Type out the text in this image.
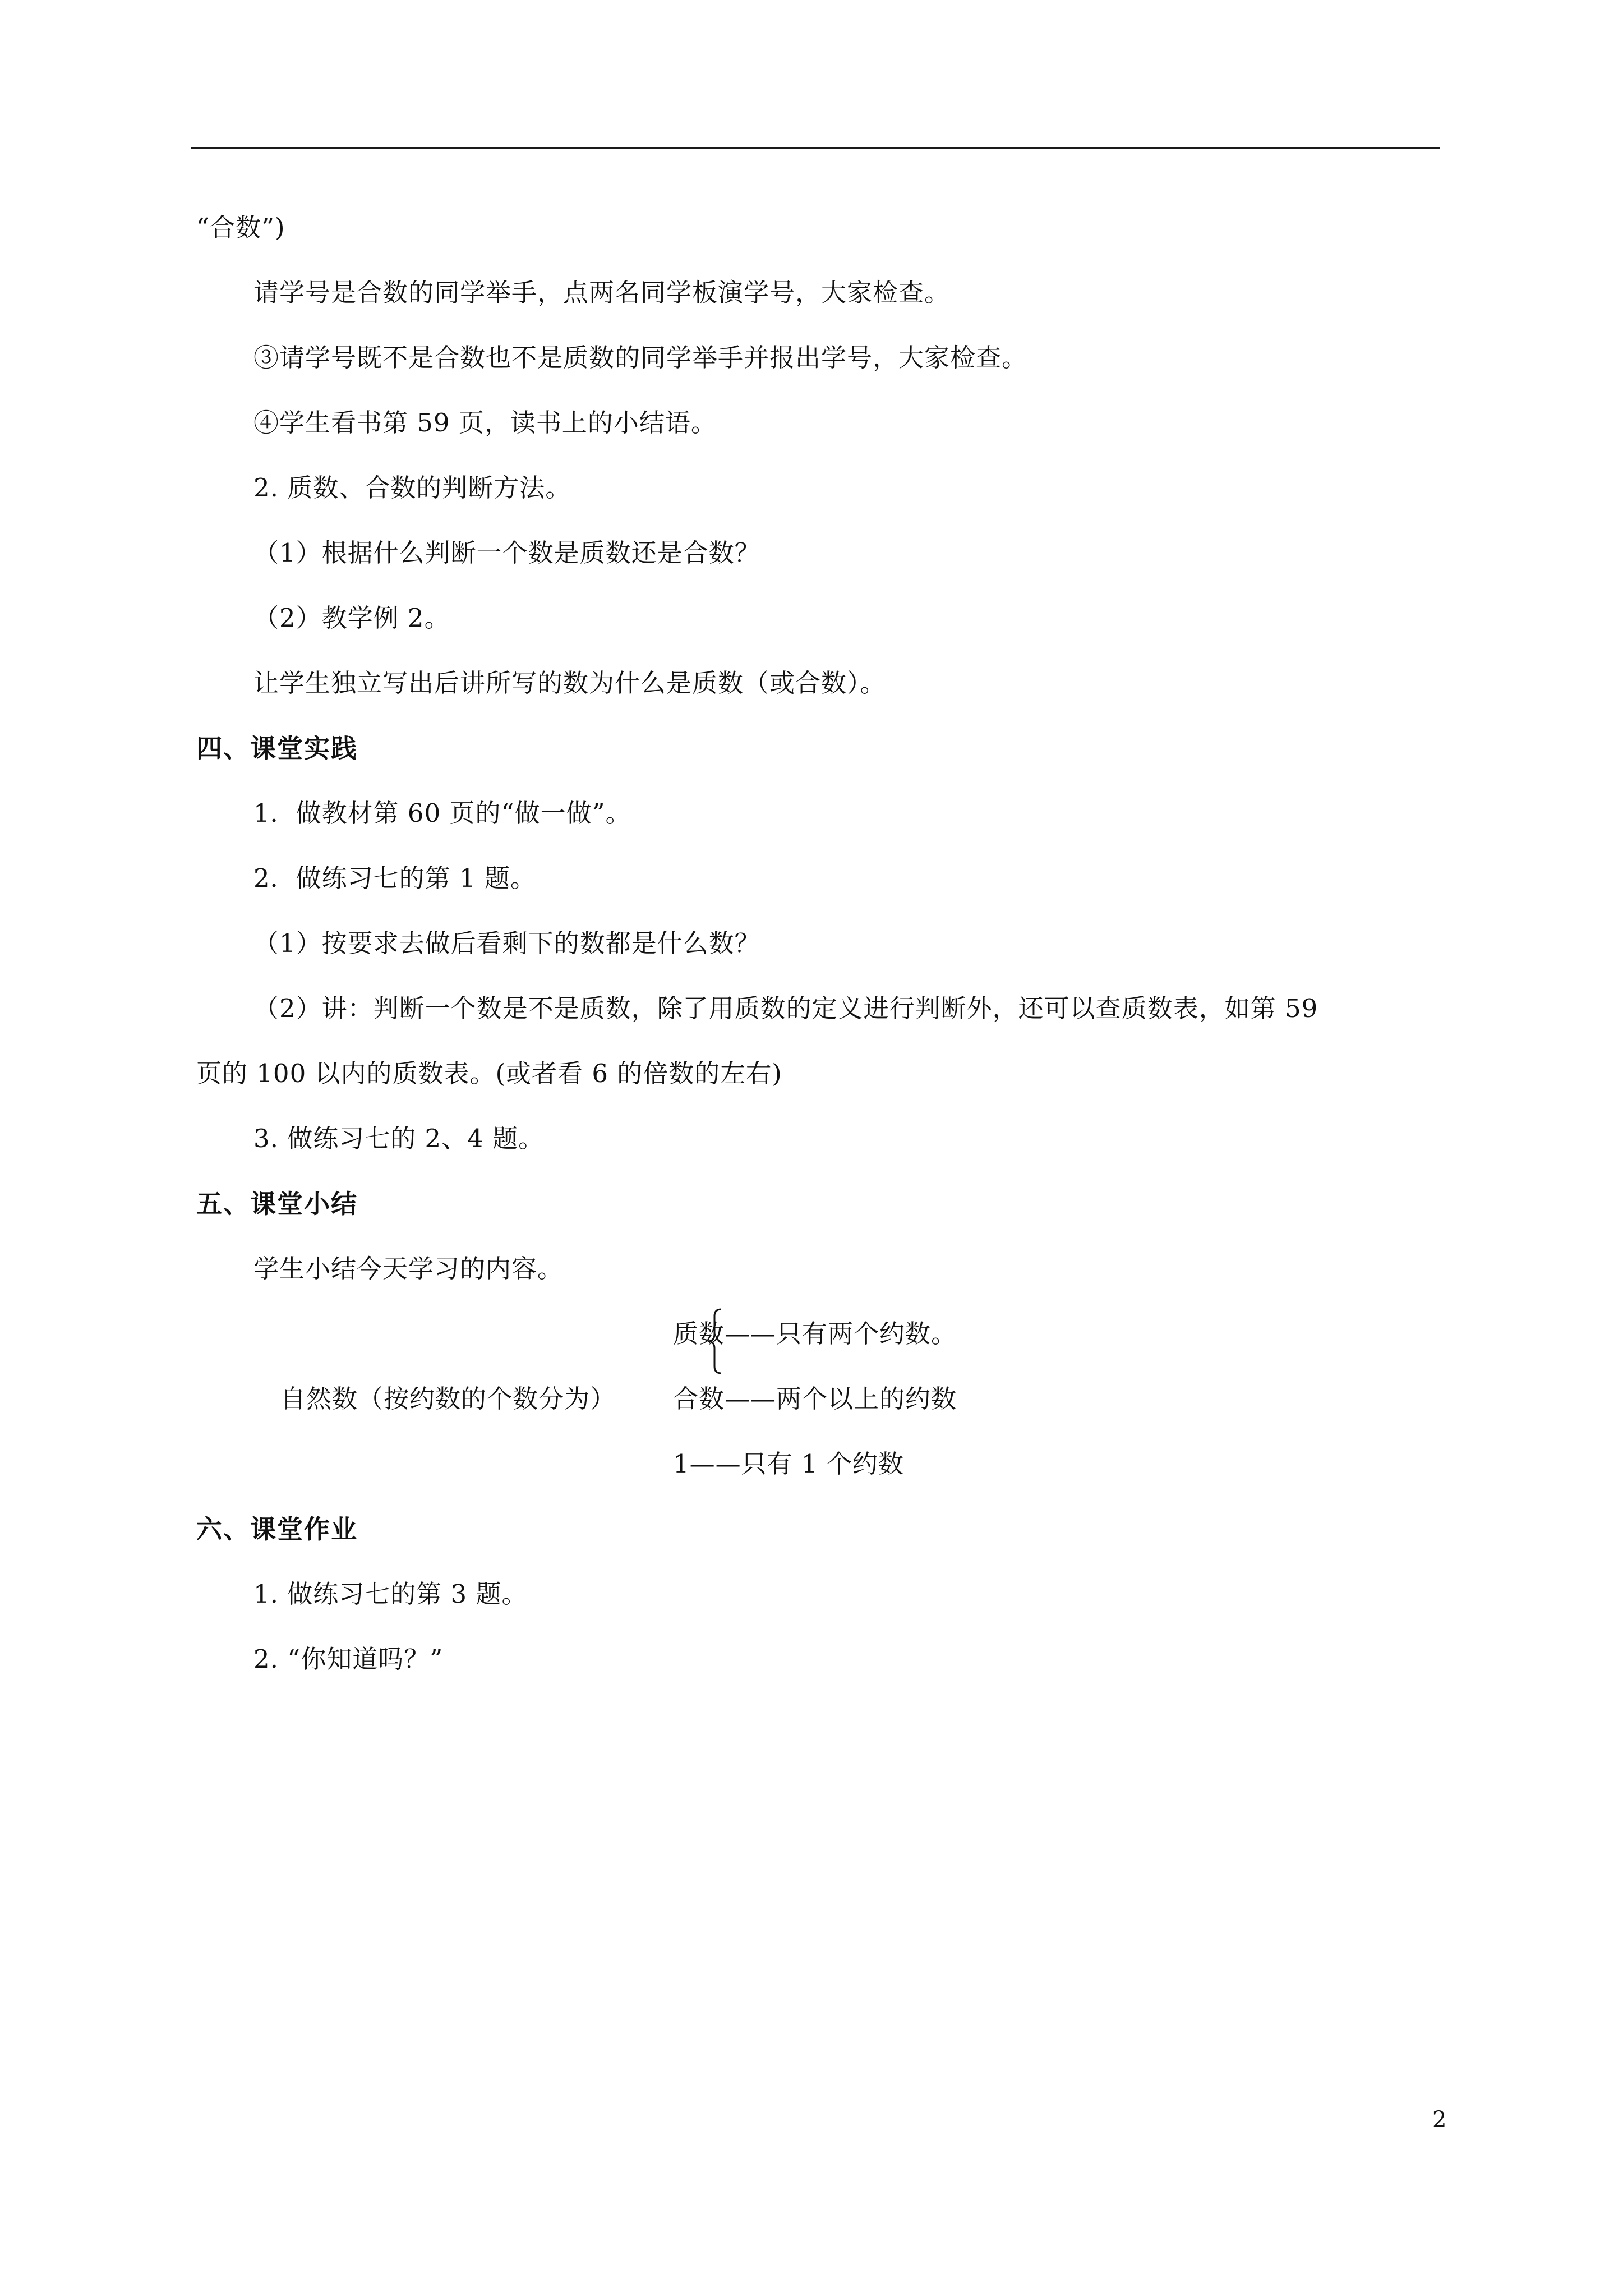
“合数”)
请学号是合数的同学举手，点两名同学板演学号，大家检查。
③请学号既不是合数也不是质数的同学举手并报出学号，大家检查。
④学生看书第 59 页，读书上的小结语。
2. 质数、合数的判断方法。
（1）根据什么判断一个数是质数还是合数？
（2）教学例 2。
让学生独立写出后讲所写的数为什么是质数（或合数）。
四、课堂实践
1．做教材第 60 页的“做一做”。
2．做练习七的第 1 题。
（1）按要求去做后看剩下的数都是什么数？
（2）讲：判断一个数是不是质数，除了用质数的定义进行判断外，还可以查质数表，如第 59
页的 100 以内的质数表。(或者看 6 的倍数的左右)
3. 做练习七的 2、4 题。
五、课堂小结
学生小结今天学习的内容。
质数——只有两个约数。
自然数（按约数的个数分为） 合数——两个以上的约数
1——只有 1 个约数
六、课堂作业
1. 做练习七的第 3 题。
2. “你知道吗？”
2
